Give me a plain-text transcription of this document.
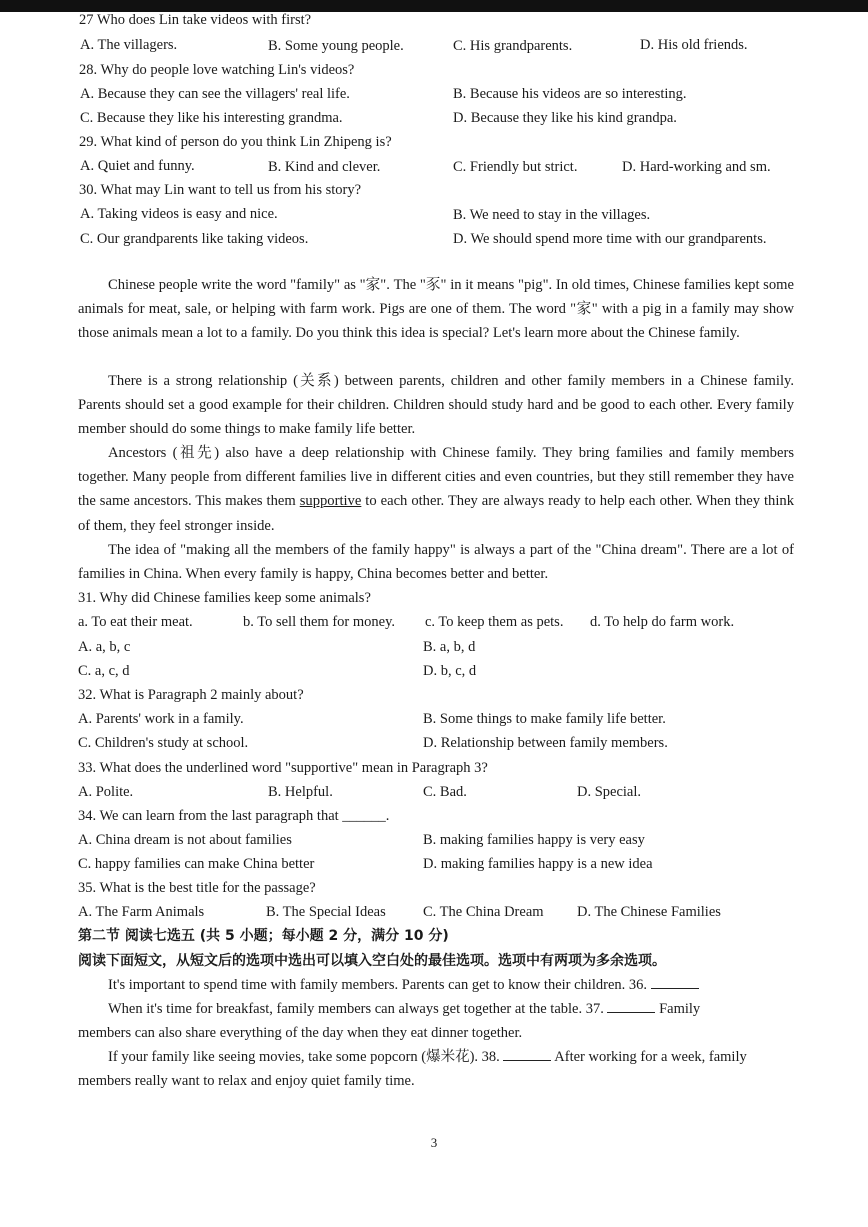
27 Who does Lin take videos with first?
A. The villagers.	B. Some young people.	C. His grandparents.	D. His old friends.
28. Why do people love watching Lin's videos?
A. Because they can see the villagers' real life.	B. Because his videos are so interesting.
C. Because they like his interesting grandma.	D. Because they like his kind grandpa.
29. What kind of person do you think Lin Zhipeng is?
A. Quiet and funny.	B. Kind and clever.	C. Friendly but strict.	D. Hard-working and sm.
30. What may Lin want to tell us from his story?
A. Taking videos is easy and nice.	B. We need to stay in the villages.
C. Our grandparents like taking videos.	D. We should spend more time with our grandparents.
Chinese people write the word "family" as "家". The "豕" in it means "pig". In old times, Chinese families kept some animals for meat, sale, or helping with farm work. Pigs are one of them. The word "家" with a pig in a family may show those animals mean a lot to a family. Do you think this idea is special? Let's learn more about the Chinese family.
There is a strong relationship (关系) between parents, children and other family members in a Chinese family. Parents should set a good example for their children. Children should study hard and be good to each other. Every family member should do some things to make family life better.
Ancestors (祖先) also have a deep relationship with Chinese family. They bring families and family members together. Many people from different families live in different cities and even countries, but they still remember they have the same ancestors. This makes them supportive to each other. They are always ready to help each other. When they think of them, they feel stronger inside.
The idea of "making all the members of the family happy" is always a part of the "China dream". There are a lot of families in China. When every family is happy, China becomes better and better.
31. Why did Chinese families keep some animals?
a. To eat their meat.	b. To sell them for money. c. To keep them as pets. d. To help do farm work.
A. a, b, c	B. a, b, d
C. a, c, d	D. b, c, d
32. What is Paragraph 2 mainly about?
A. Parents' work in a family.	B. Some things to make family life better.
C. Children's study at school.	D. Relationship between family members.
33. What does the underlined word "supportive" mean in Paragraph 3?
A. Polite.	B. Helpful.	C. Bad.	D. Special.
34. We can learn from the last paragraph that ______.
A. China dream is not about families	B. making families happy is very easy
C. happy families can make China better	D. making families happy is a new idea
35. What is the best title for the passage?
A. The Farm Animals	B. The Special Ideas	C. The China Dream D. The Chinese Families
第二节 阅读七选五 (共 5 小题；每小题 2 分，满分 10 分)
阅读下面短文，从短文后的选项中选出可以填入空白处的最佳选项。选项中有两项为多余选项。
It's important to spend time with family members. Parents can get to know their children. 36.
When it's time for breakfast, family members can always get together at the table. 37.	Family
members can also share everything of the day when they eat dinner together.
If your family like seeing movies, take some popcorn (爆米花). 38.	After working for a week, family
members really want to relax and enjoy quiet family time.
3
